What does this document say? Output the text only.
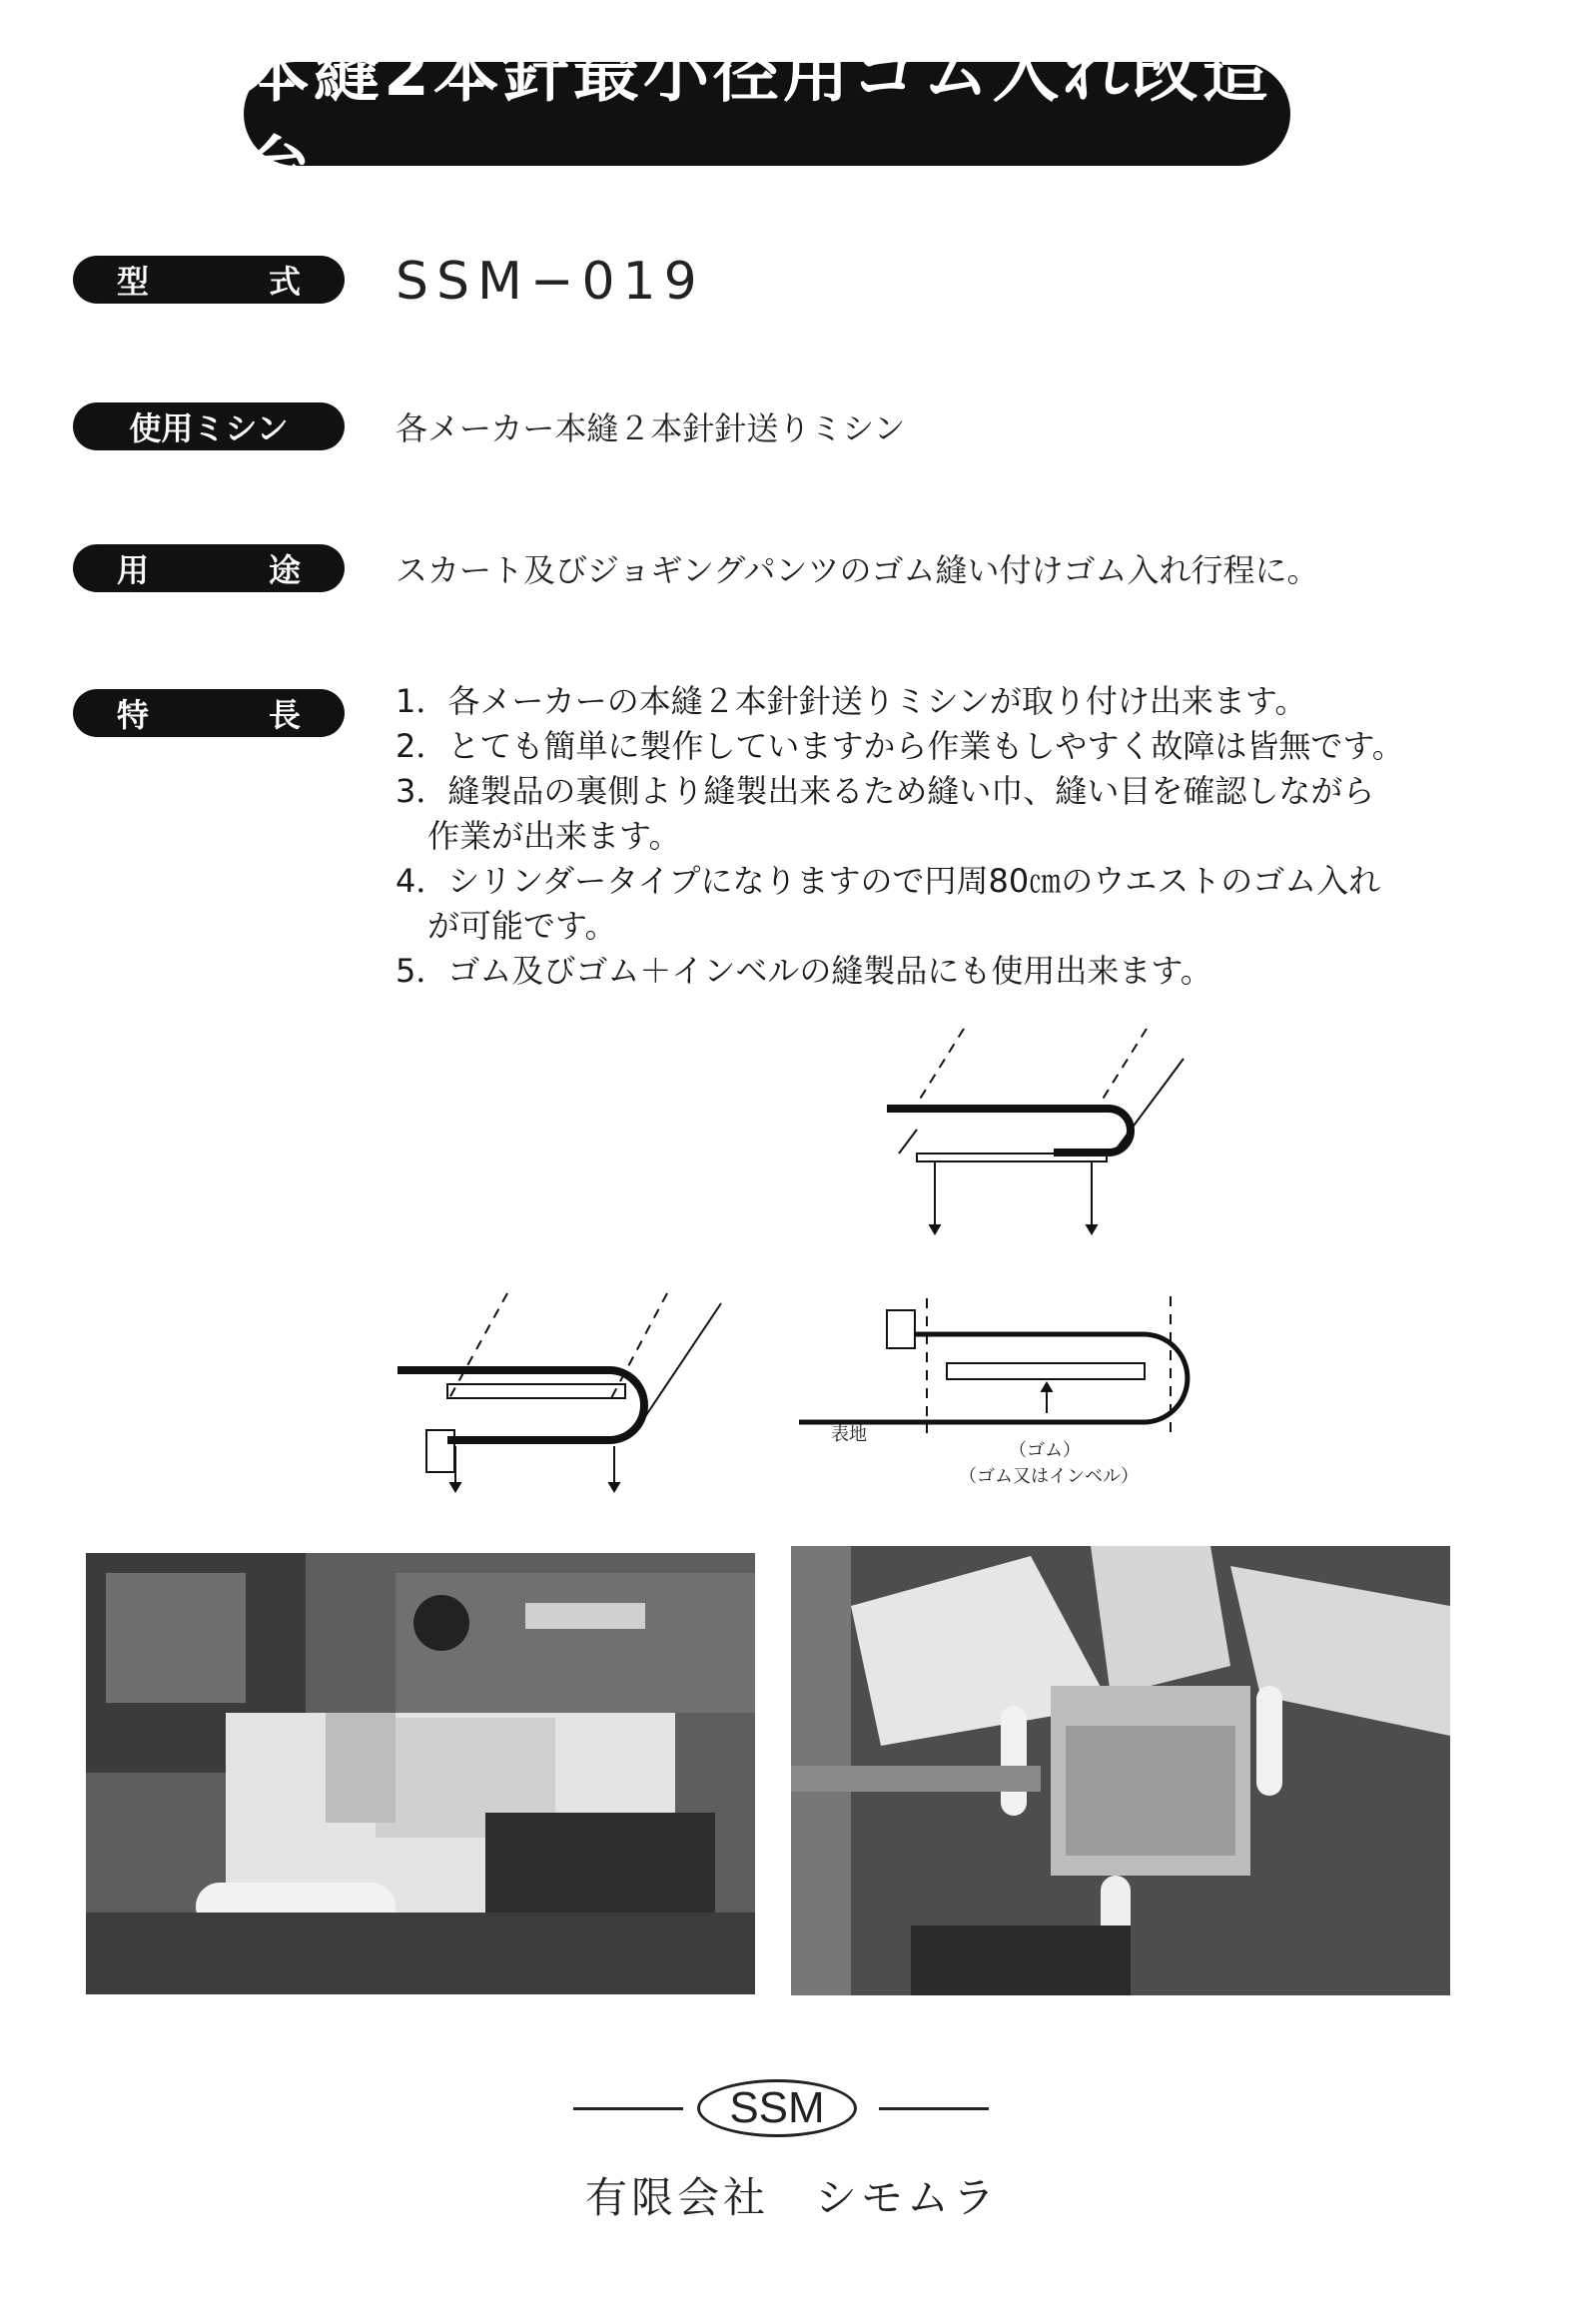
本縫2本針最小径用ゴム入れ改造台
型	式 SSM−019
使用ミシン	各メーカー本縫２本針針送りミシン
用	途	スカート及びジョギングパンツのゴム縫い付けゴム入れ行程に。
特	長	1．各メーカーの本縫２本針針送りミシンが取り付け出来ます。
2．とても簡単に製作していますから作業もしやすく故障は皆無です。
3．縫製品の裏側より縫製出来るため縫い巾、縫い目を確認しながら
　作業が出来ます。
4．シリンダータイプになりますので円周80㎝のウエストのゴム入れ
　が可能です。
5．ゴム及びゴム＋インベルの縫製品にも使用出来ます。
表地
（ゴム）
（ゴム又はインベル）
SSM
有限会社　シモムラ
